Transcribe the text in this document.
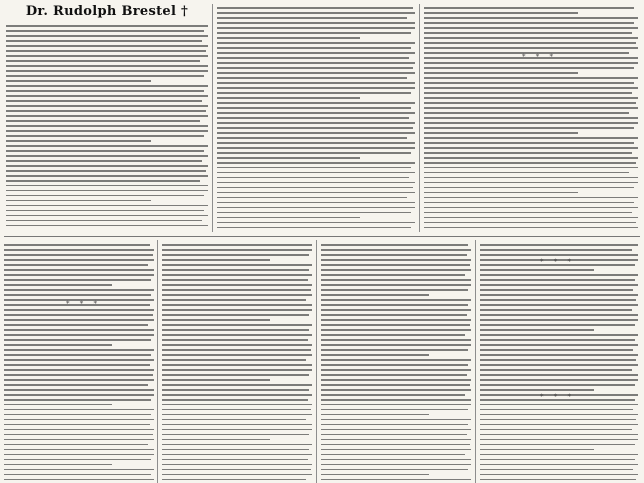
Dr. Rudolph Brestel †
* * *
* * *
* * *
* * *
